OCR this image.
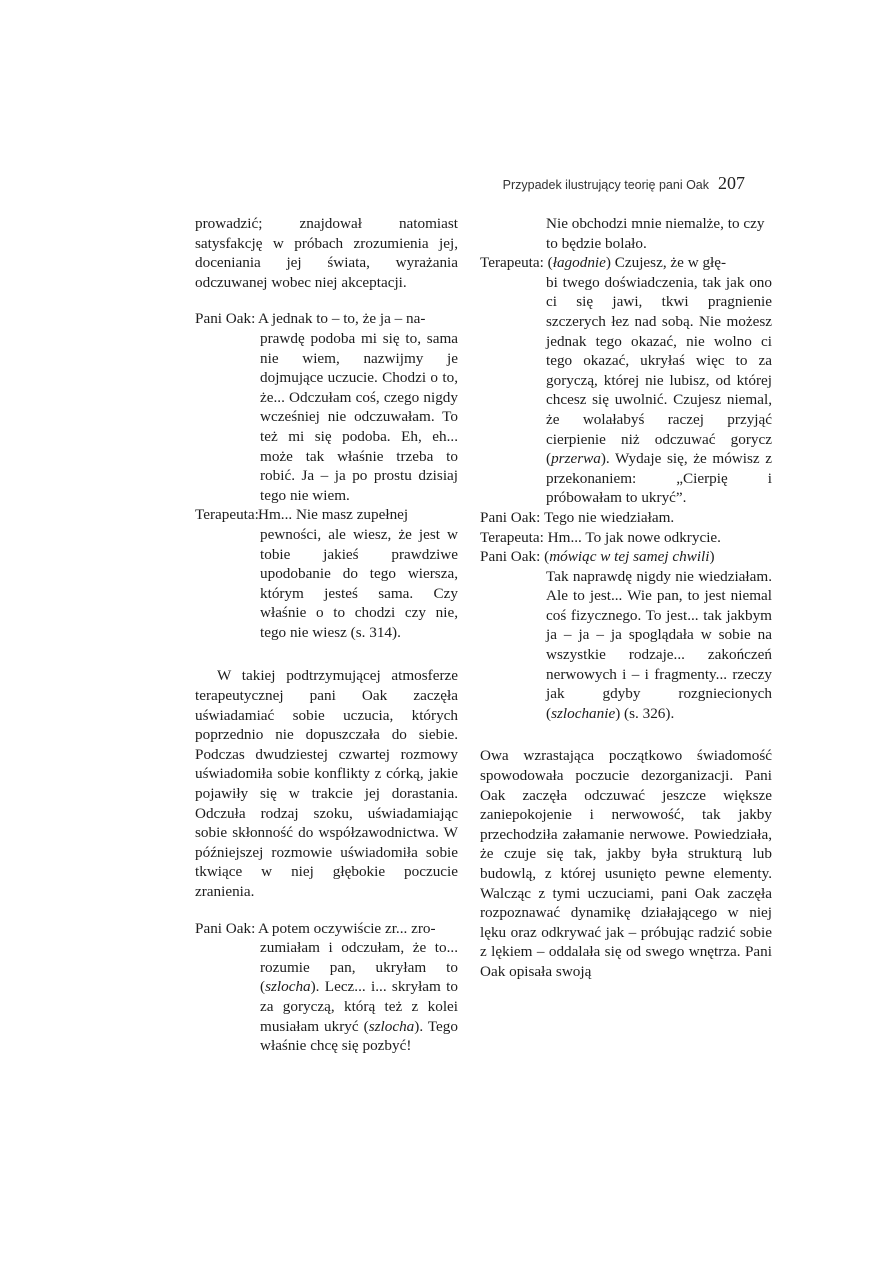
Przypadek ilustrujący teorię pani Oak 207

prowadzić; znajdował natomiast satysfakcję w próbach zrozumienia jej, doceniania jej świata, wyrażania odczuwanej wobec niej akceptacji.

Pani Oak: A jednak to – to, że ja – na-

prawdę podoba mi się to, sama nie wiem, nazwijmy je dojmujące uczucie. Chodzi o to, że... Odczułam coś, czego nigdy wcześniej nie odczuwałam. To też mi się podoba. Eh, eh... może tak właśnie trzeba to robić. Ja – ja po prostu dzisiaj tego nie wiem.

Terapeuta: Hm... Nie masz zupełnej

pewności, ale wiesz, że jest w tobie jakieś prawdziwe upodobanie do tego wiersza, którym jesteś sama. Czy właśnie o to chodzi czy nie, tego nie wiesz (s. 314).

W takiej podtrzymującej atmosferze terapeutycznej pani Oak zaczęła uświadamiać sobie uczucia, których poprzednio nie dopuszczała do siebie. Podczas dwudziestej czwartej rozmowy uświadomiła sobie konflikty z córką, jakie pojawiły się w trakcie jej dorastania. Odczuła rodzaj szoku, uświadamiając sobie skłonność do współzawodnictwa. W późniejszej rozmowie uświadomiła sobie tkwiące w niej głębokie poczucie zranienia.

Pani Oak: A potem oczywiście zr... zro-

zumiałam i odczułam, że to... rozumie pan, ukryłam to (szlocha). Lecz... i... skryłam to za goryczą, którą też z kolei musiałam ukryć (szlocha). Tego właśnie chcę się pozbyć!

Nie obchodzi mnie niemalże, to czy to będzie bolało.

Terapeuta: (łagodnie) Czujesz, że w głę-

bi twego doświadczenia, tak jak ono ci się jawi, tkwi pragnienie szczerych łez nad sobą. Nie możesz jednak tego okazać, nie wolno ci tego okazać, ukryłaś więc to za goryczą, której nie lubisz, od której chcesz się uwolnić. Czujesz niemal, że wolałabyś raczej przyjąć cierpienie niż odczuwać gorycz (przerwa). Wydaje się, że mówisz z przekonaniem: „Cierpię i próbowałam to ukryć”.

Pani Oak: Tego nie wiedziałam.
Terapeuta: Hm... To jak nowe odkrycie.
Pani Oak: (mówiąc w tej samej chwili)

Tak naprawdę nigdy nie wiedziałam. Ale to jest... Wie pan, to jest niemal coś fizycznego. To jest... tak jakbym ja – ja – ja spoglądała w sobie na wszystkie rodzaje... zakończeń nerwowych i – i fragmenty... rzeczy jak gdyby rozgniecionych (szlochanie) (s. 326).

Owa wzrastająca początkowo świadomość spowodowała poczucie dezorganizacji. Pani Oak zaczęła odczuwać jeszcze większe zaniepokojenie i nerwowość, tak jakby przechodziła załamanie nerwowe. Powiedziała, że czuje się tak, jakby była strukturą lub budowlą, z której usunięto pewne elementy. Walcząc z tymi uczuciami, pani Oak zaczęła rozpoznawać dynamikę działającego w niej lęku oraz odkrywać jak – próbując radzić sobie z lękiem – oddalała się od swego wnętrza. Pani Oak opisała swoją
